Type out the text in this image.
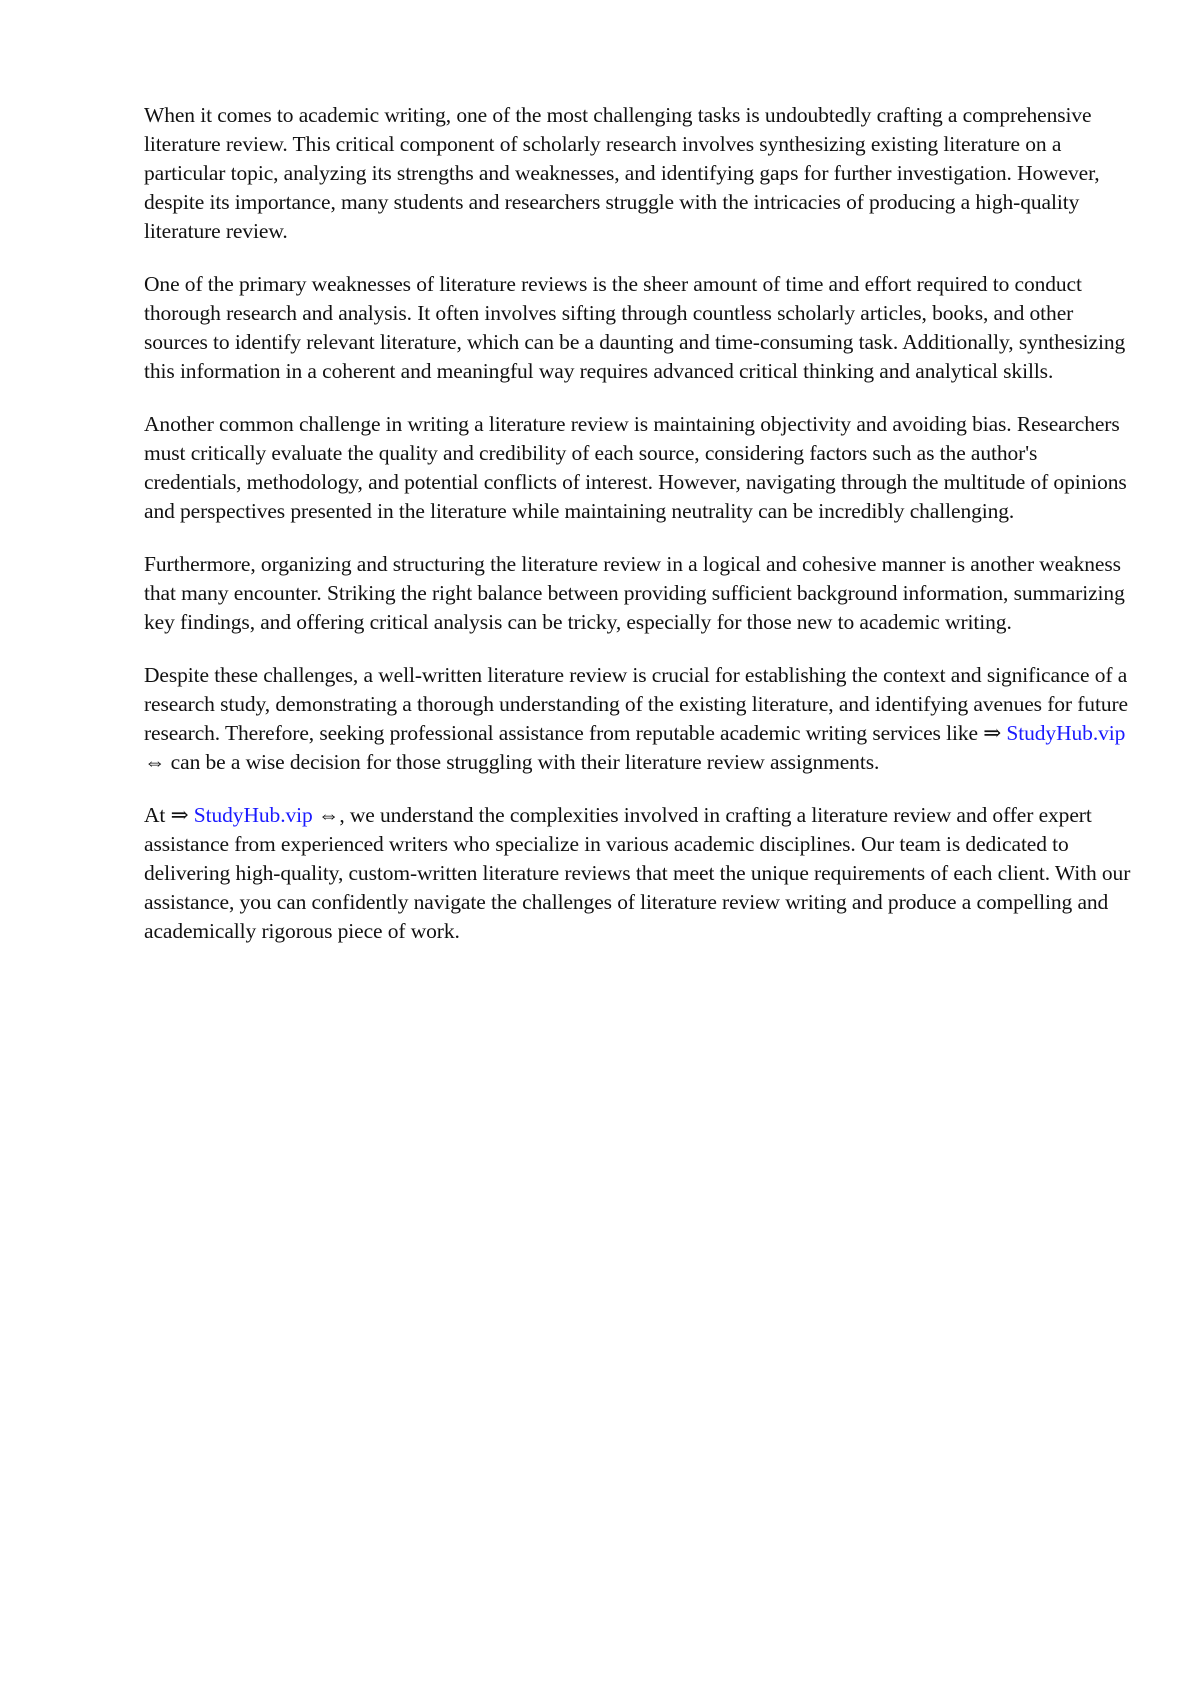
When it comes to academic writing, one of the most challenging tasks is undoubtedly crafting a comprehensive literature review. This critical component of scholarly research involves synthesizing existing literature on a particular topic, analyzing its strengths and weaknesses, and identifying gaps for further investigation. However, despite its importance, many students and researchers struggle with the intricacies of producing a high-quality literature review.

One of the primary weaknesses of literature reviews is the sheer amount of time and effort required to conduct thorough research and analysis. It often involves sifting through countless scholarly articles, books, and other sources to identify relevant literature, which can be a daunting and time-consuming task. Additionally, synthesizing this information in a coherent and meaningful way requires advanced critical thinking and analytical skills.

Another common challenge in writing a literature review is maintaining objectivity and avoiding bias. Researchers must critically evaluate the quality and credibility of each source, considering factors such as the author's credentials, methodology, and potential conflicts of interest. However, navigating through the multitude of opinions and perspectives presented in the literature while maintaining neutrality can be incredibly challenging.

Furthermore, organizing and structuring the literature review in a logical and cohesive manner is another weakness that many encounter. Striking the right balance between providing sufficient background information, summarizing key findings, and offering critical analysis can be tricky, especially for those new to academic writing.

Despite these challenges, a well-written literature review is crucial for establishing the context and significance of a research study, demonstrating a thorough understanding of the existing literature, and identifying avenues for future research. Therefore, seeking professional assistance from reputable academic writing services like ⇒ StudyHub.vip ⇔ can be a wise decision for those struggling with their literature review assignments.

At ⇒ StudyHub.vip ⇔, we understand the complexities involved in crafting a literature review and offer expert assistance from experienced writers who specialize in various academic disciplines. Our team is dedicated to delivering high-quality, custom-written literature reviews that meet the unique requirements of each client. With our assistance, you can confidently navigate the challenges of literature review writing and produce a compelling and academically rigorous piece of work.
